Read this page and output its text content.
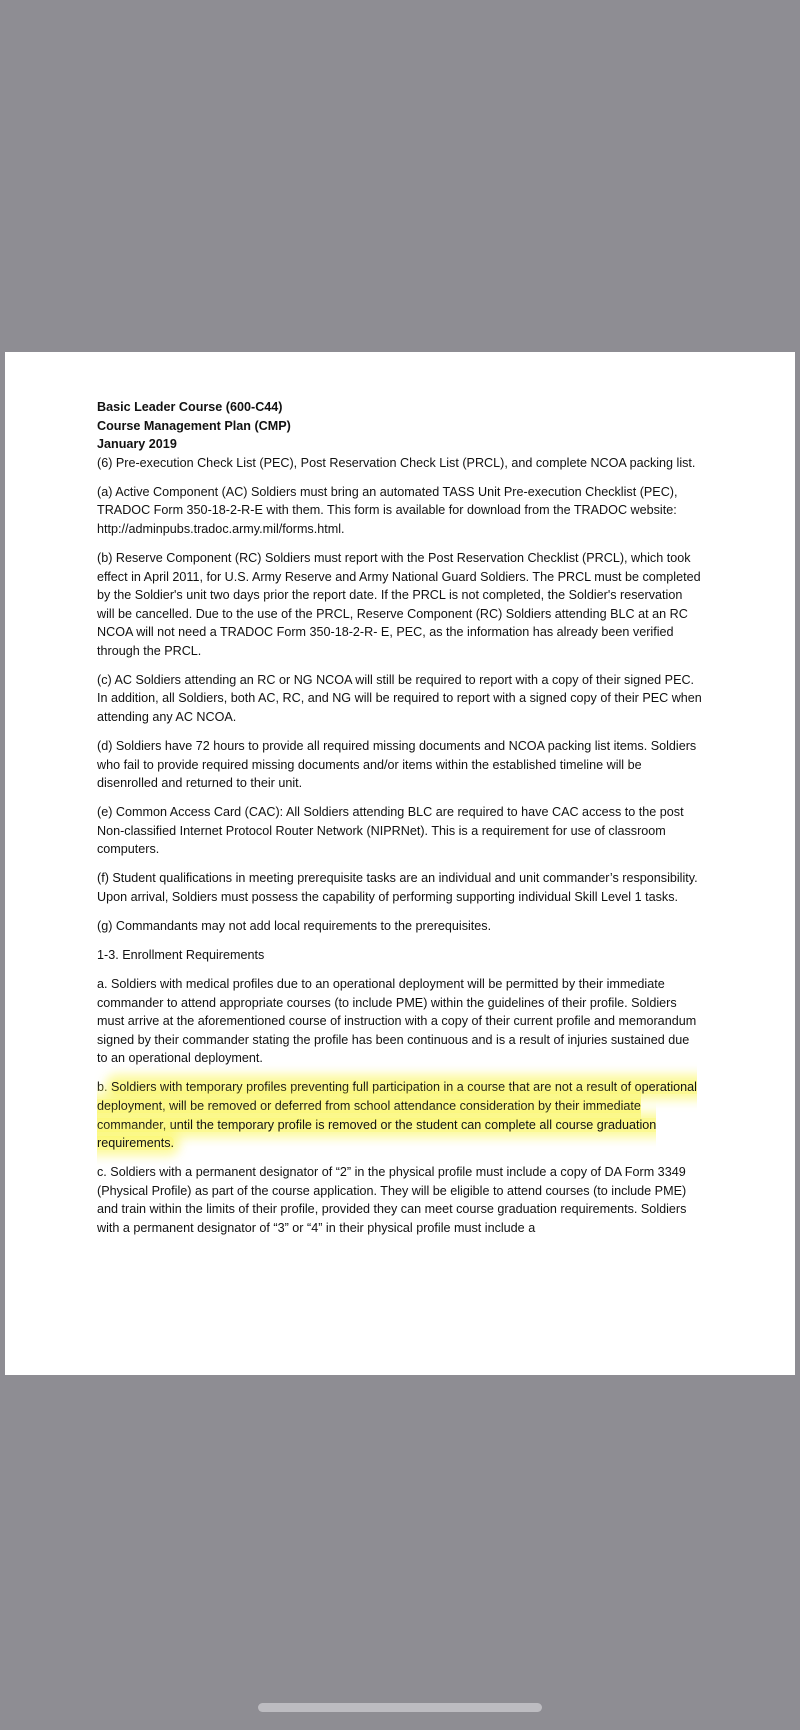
Basic Leader Course (600-C44)
Course Management Plan (CMP)
January 2019

(6) Pre-execution Check List (PEC), Post Reservation Check List (PRCL), and complete NCOA packing list.

(a) Active Component (AC) Soldiers must bring an automated TASS Unit Pre-execution Checklist (PEC), TRADOC Form 350-18-2-R-E with them. This form is available for download from the TRADOC website: http://adminpubs.tradoc.army.mil/forms.html.

(b) Reserve Component (RC) Soldiers must report with the Post Reservation Checklist (PRCL), which took effect in April 2011, for U.S. Army Reserve and Army National Guard Soldiers. The PRCL must be completed by the Soldier's unit two days prior the report date. If the PRCL is not completed, the Soldier's reservation will be cancelled. Due to the use of the PRCL, Reserve Component (RC) Soldiers attending BLC at an RC NCOA will not need a TRADOC Form 350-18-2-R- E, PEC, as the information has already been verified through the PRCL.

(c) AC Soldiers attending an RC or NG NCOA will still be required to report with a copy of their signed PEC. In addition, all Soldiers, both AC, RC, and NG will be required to report with a signed copy of their PEC when attending any AC NCOA.

(d) Soldiers have 72 hours to provide all required missing documents and NCOA packing list items. Soldiers who fail to provide required missing documents and/or items within the established timeline will be disenrolled and returned to their unit.

(e) Common Access Card (CAC): All Soldiers attending BLC are required to have CAC access to the post Non-classified Internet Protocol Router Network (NIPRNet). This is a requirement for use of classroom computers.

(f) Student qualifications in meeting prerequisite tasks are an individual and unit commander’s responsibility. Upon arrival, Soldiers must possess the capability of performing supporting individual Skill Level 1 tasks.

(g) Commandants may not add local requirements to the prerequisites.

1-3. Enrollment Requirements

a. Soldiers with medical profiles due to an operational deployment will be permitted by their immediate commander to attend appropriate courses (to include PME) within the guidelines of their profile. Soldiers must arrive at the aforementioned course of instruction with a copy of their current profile and memorandum signed by their commander stating the profile has been continuous and is a result of injuries sustained due to an operational deployment.

b. Soldiers with temporary profiles preventing full participation in a course that are not a result of operational deployment, will be removed or deferred from school attendance consideration by their immediate commander, until the temporary profile is removed or the student can complete all course graduation requirements.

c. Soldiers with a permanent designator of “2” in the physical profile must include a copy of DA Form 3349 (Physical Profile) as part of the course application. They will be eligible to attend courses (to include PME) and train within the limits of their profile, provided they can meet course graduation requirements. Soldiers with a permanent designator of “3” or “4” in their physical profile must include a
